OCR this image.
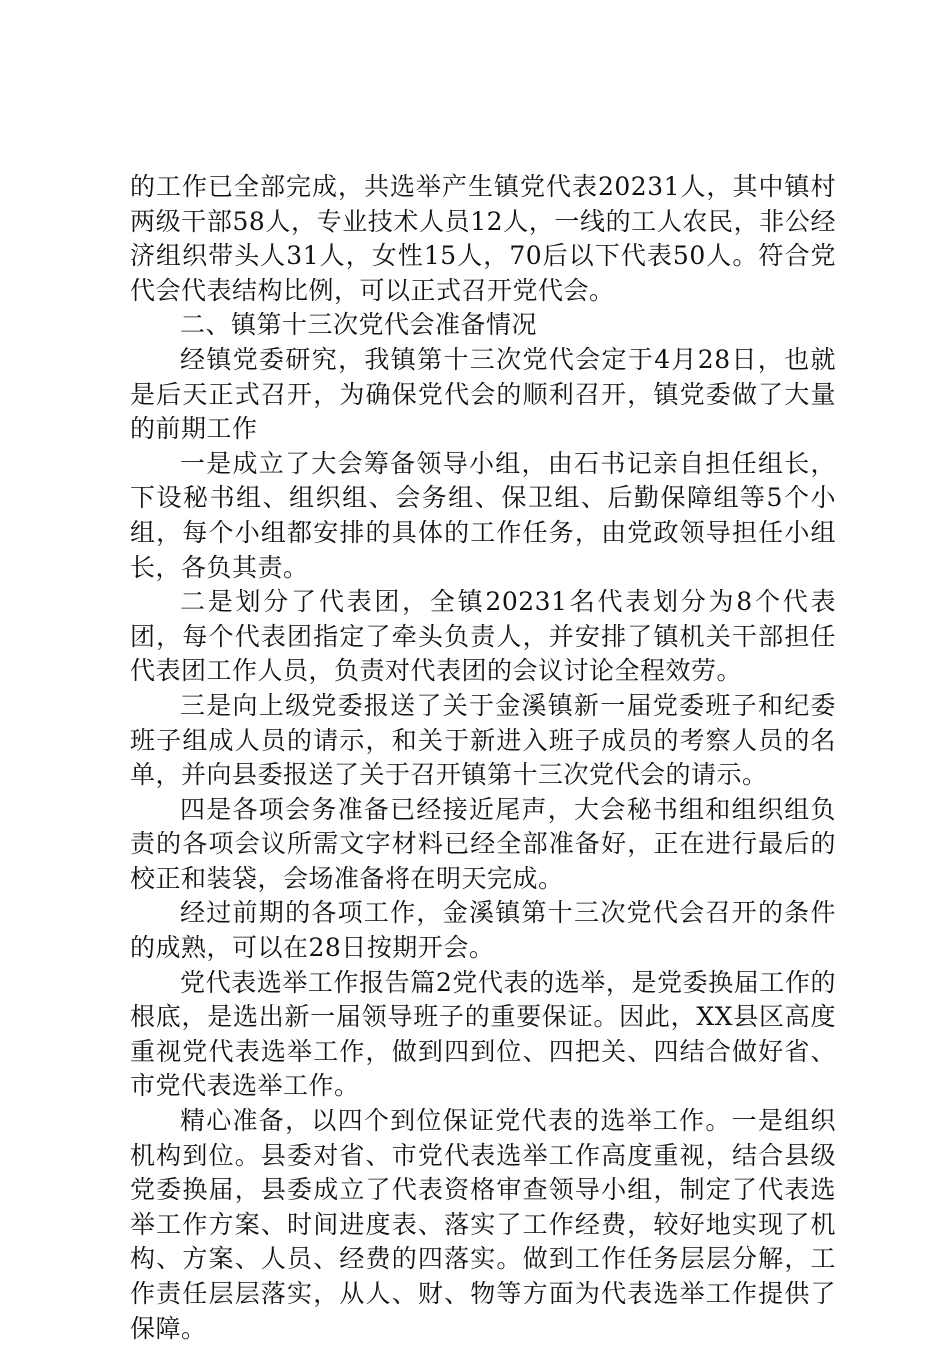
的工作已全部完成，共选举产生镇党代表20231人，其中镇村两级干部58人，专业技术人员12人，一线的工人农民，非公经济组织带头人31人，女性15人，70后以下代表50人。符合党代会代表结构比例，可以正式召开党代会。

二、镇第十三次党代会准备情况

经镇党委研究，我镇第十三次党代会定于4月28日，也就是后天正式召开，为确保党代会的顺利召开，镇党委做了大量的前期工作

一是成立了大会筹备领导小组，由石书记亲自担任组长，下设秘书组、组织组、会务组、保卫组、后勤保障组等5个小组，每个小组都安排的具体的工作任务，由党政领导担任小组长，各负其责。

二是划分了代表团，全镇20231名代表划分为8个代表团，每个代表团指定了牵头负责人，并安排了镇机关干部担任代表团工作人员，负责对代表团的会议讨论全程效劳。

三是向上级党委报送了关于金溪镇新一届党委班子和纪委班子组成人员的请示，和关于新进入班子成员的考察人员的名单，并向县委报送了关于召开镇第十三次党代会的请示。

四是各项会务准备已经接近尾声，大会秘书组和组织组负责的各项会议所需文字材料已经全部准备好，正在进行最后的校正和装袋，会场准备将在明天完成。

经过前期的各项工作，金溪镇第十三次党代会召开的条件的成熟，可以在28日按期开会。

党代表选举工作报告篇2党代表的选举，是党委换届工作的根底，是选出新一届领导班子的重要保证。因此，XX县区高度重视党代表选举工作，做到四到位、四把关、四结合做好省、市党代表选举工作。

精心准备，以四个到位保证党代表的选举工作。一是组织机构到位。县委对省、市党代表选举工作高度重视，结合县级党委换届，县委成立了代表资格审查领导小组，制定了代表选举工作方案、时间进度表、落实了工作经费，较好地实现了机构、方案、人员、经费的四落实。做到工作任务层层分解，工作责任层层落实，从人、财、物等方面为代表选举工作提供了保障。
